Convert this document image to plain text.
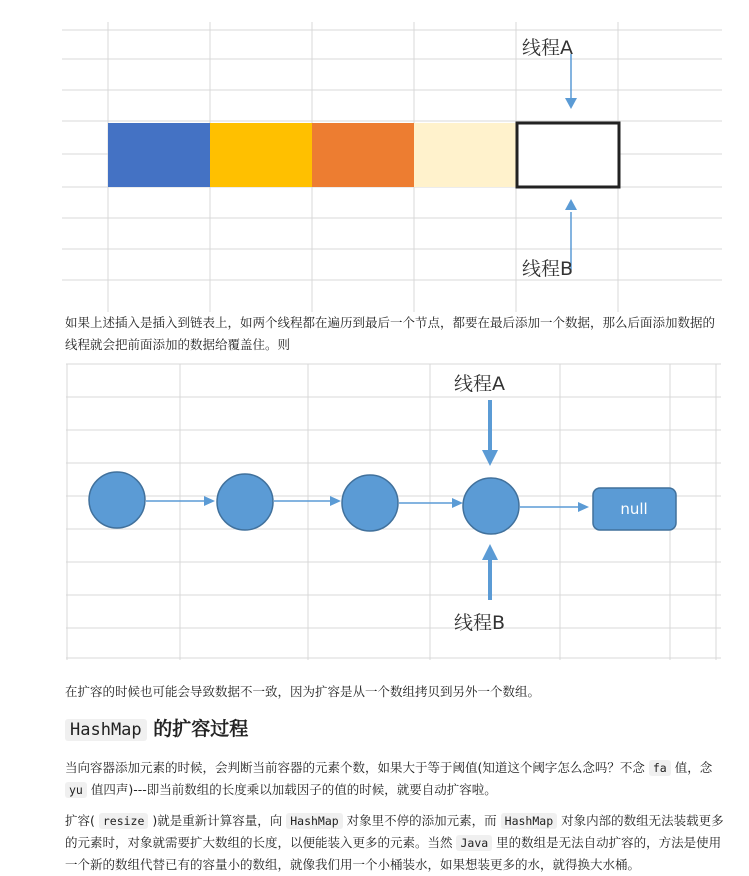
线程A
线程B

如果上述插入是插入到链表上，如两个线程都在遍历到最后一个节点，都要在最后添加一个数据，那么后面添加数据的线程就会把前面添加的数据给覆盖住。则

null
线程A
线程B

在扩容的时候也可能会导致数据不一致，因为扩容是从一个数组拷贝到另外一个数组。

HashMap 的扩容过程

当向容器添加元素的时候，会判断当前容器的元素个数，如果大于等于阈值(知道这个阈字怎么念吗？不念 fa 值，念 yu 值四声)---即当前数组的长度乘以加载因子的值的时候，就要自动扩容啦。

扩容( resize )就是重新计算容量，向 HashMap 对象里不停的添加元素，而 HashMap 对象内部的数组无法装载更多的元素时，对象就需要扩大数组的长度，以便能装入更多的元素。当然 Java 里的数组是无法自动扩容的，方法是使用一个新的数组代替已有的容量小的数组，就像我们用一个小桶装水，如果想装更多的水，就得换大水桶。
